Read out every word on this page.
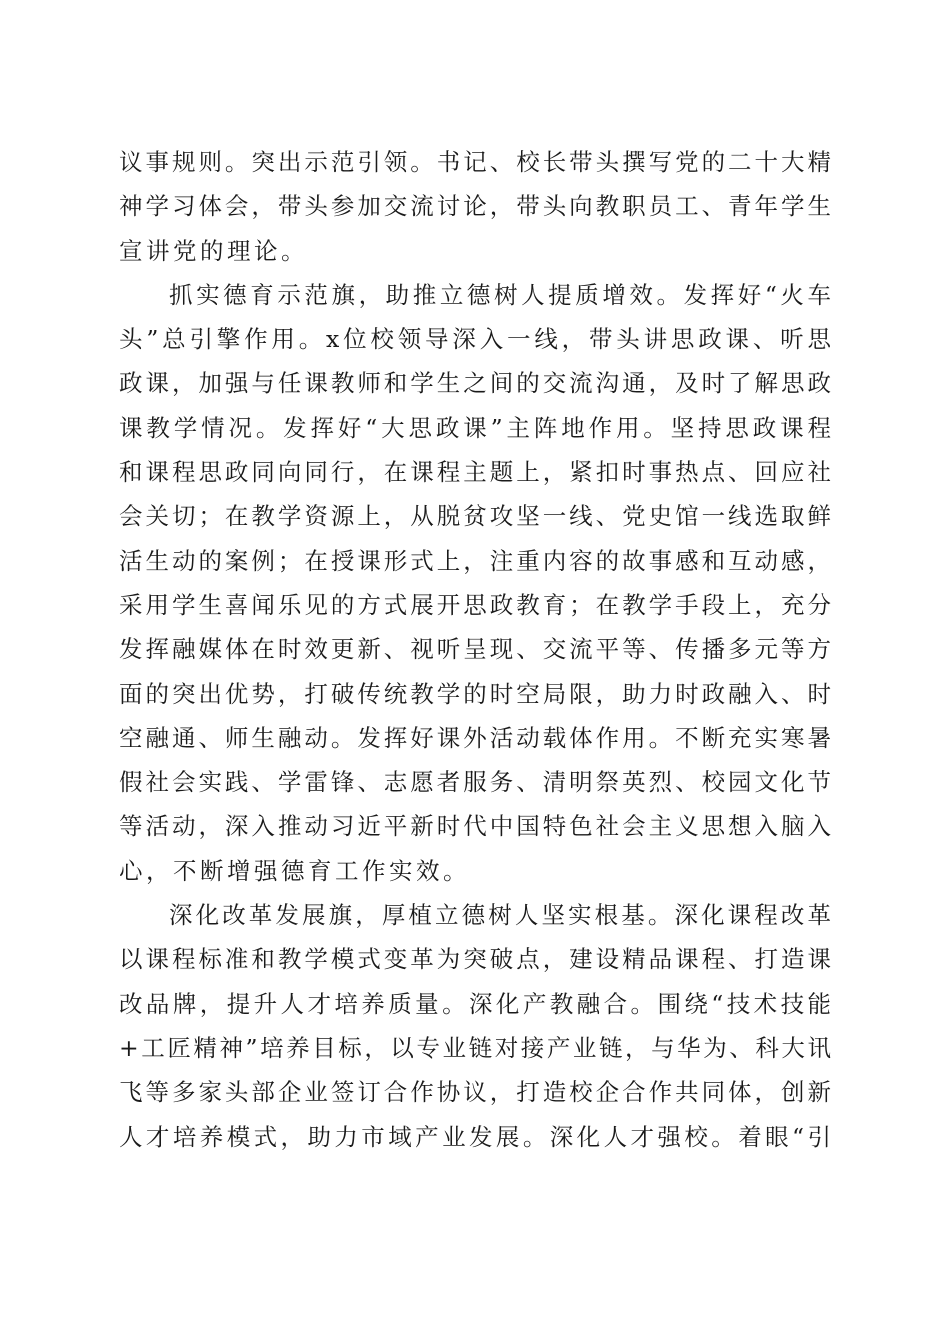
议事规则。突出示范引领。书记、校长带头撰写党的二十大精
神学习体会，带头参加交流讨论，带头向教职员工、青年学生
宣讲党的理论。
抓实德育示范旗，助推立德树人提质增效。发挥好“火车
头”总引擎作用。x位校领导深入一线，带头讲思政课、听思
政课，加强与任课教师和学生之间的交流沟通，及时了解思政
课教学情况。发挥好“大思政课”主阵地作用。坚持思政课程
和课程思政同向同行，在课程主题上，紧扣时事热点、回应社
会关切；在教学资源上，从脱贫攻坚一线、党史馆一线选取鲜
活生动的案例；在授课形式上，注重内容的故事感和互动感，
采用学生喜闻乐见的方式展开思政教育；在教学手段上，充分
发挥融媒体在时效更新、视听呈现、交流平等、传播多元等方
面的突出优势，打破传统教学的时空局限，助力时政融入、时
空融通、师生融动。发挥好课外活动载体作用。不断充实寒暑
假社会实践、学雷锋、志愿者服务、清明祭英烈、校园文化节
等活动，深入推动习近平新时代中国特色社会主义思想入脑入
心，不断增强德育工作实效。
深化改革发展旗，厚植立德树人坚实根基。深化课程改革
以课程标准和教学模式变革为突破点，建设精品课程、打造课
改品牌，提升人才培养质量。深化产教融合。围绕“技术技能
+工匠精神”培养目标，以专业链对接产业链，与华为、科大讯
飞等多家头部企业签订合作协议，打造校企合作共同体，创新
人才培养模式，助力市域产业发展。深化人才强校。着眼“引
